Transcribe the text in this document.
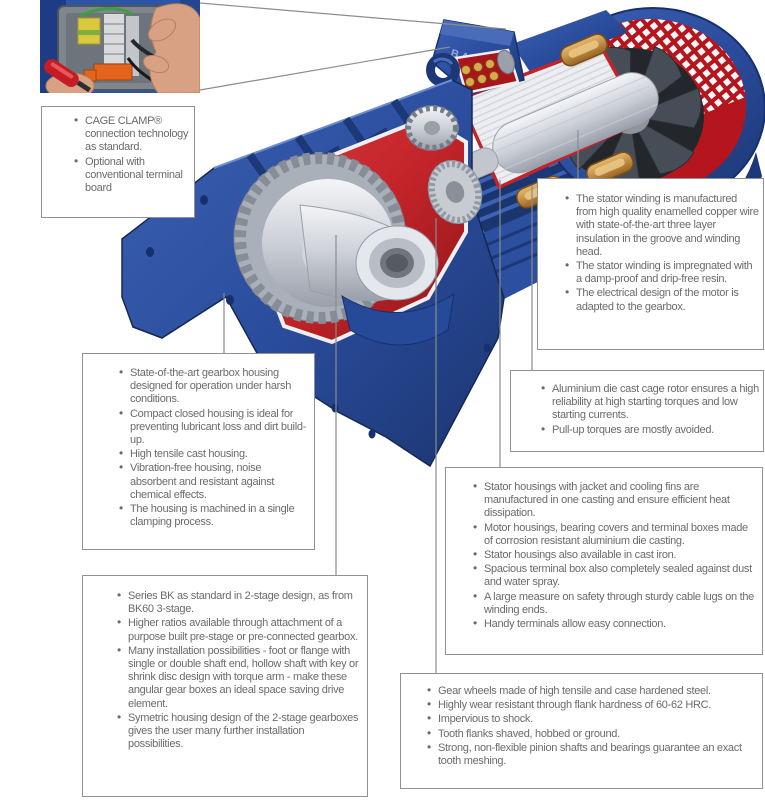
• CAGE CLAMP® connection technology as standard.
• Optional with conventional terminal board
• The stator winding is manufactured from high quality enamelled copper wire with state-of-the-art three layer insulation in the groove and winding head.
• The stator winding is impregnated with a damp-proof and drip-free resin.
• The electrical design of the motor is adapted to the gearbox.
• Aluminium die cast cage rotor ensures a high reliability at high starting torques and low starting currents.
• Pull-up torques are mostly avoided.
• Stator housings with jacket and cooling fins are manufactured in one casting and ensure efficient heat dissipation.
• Motor housings, bearing covers and terminal boxes made of corrosion resistant aluminium die casting.
• Stator housings also available in cast iron.
• Spacious terminal box also completely sealed against dust and water spray.
• A large measure on safety through sturdy cable lugs on the winding ends.
• Handy terminals allow easy connection.
• State-of-the-art gearbox housing designed for operation under harsh conditions.
• Compact closed housing is ideal for preventing lubricant loss and dirt build-up.
• High tensile cast housing.
• Vibration-free housing, noise absorbent and resistant against chemical effects.
• The housing is machined in a single clamping process.
• Series BK as standard in 2-stage design, as from BK60 3-stage.
• Higher ratios available through attachment of a purpose built pre-stage or pre-connected gearbox.
• Many installation possibilities - foot or flange with single or double shaft end, hollow shaft with key or shrink disc design with torque arm - make these angular gear boxes an ideal space saving drive element.
• Symetric housing design of the 2-stage gearboxes gives the user many further installation possibilities.
• Gear wheels made of high tensile and case hardened steel.
• Highly wear resistant through flank hardness of 60-62 HRC.
• Impervious to shock.
• Tooth flanks shaved, hobbed or ground.
• Strong, non-flexible pinion shafts and bearings guarantee an exact tooth meshing.
